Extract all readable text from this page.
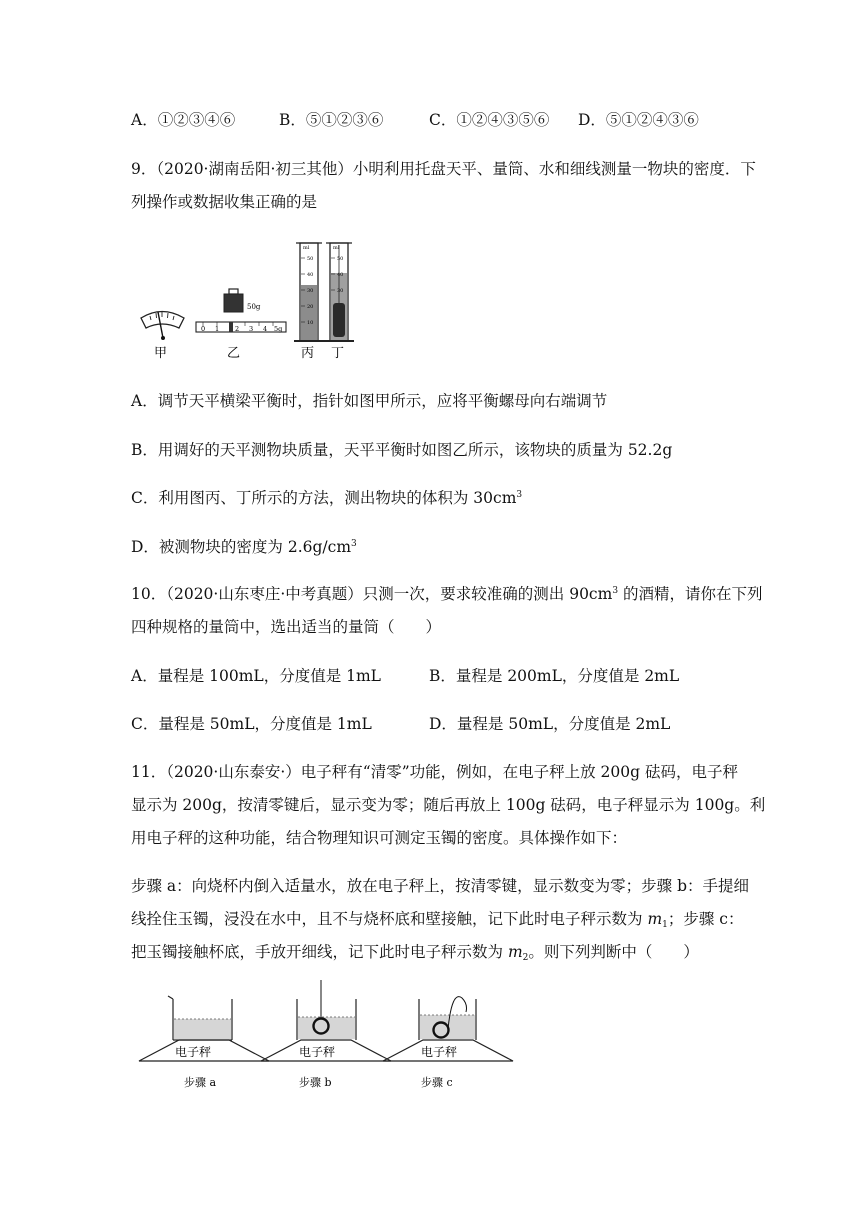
A．①②③④⑥	B．⑤①②③⑥	C．①②④③⑤⑥ D．⑤①②④③⑥
9．（2020·湖南岳阳·初三其他）小明利用托盘天平、量筒、水和细线测量一物块的密度．下
列操作或数据收集正确的是
甲
50g
0 1 2 3 4 5g
乙
ml
50
40
30
20
10
ml
50
40
30
丙 丁
电子秤	电子秤	电子秤
步骤 a	步骤 b	步骤 c
A．调节天平横梁平衡时，指针如图甲所示，应将平衡螺母向右端调节
B．用调好的天平测物块质量，天平平衡时如图乙所示，该物块的质量为 52.2g
C．利用图丙、丁所示的方法，测出物块的体积为 $30cm^3$
D．被测物块的密度为 $2.6g/cm^3$
10．（2020·山东枣庄·中考真题）只测一次，要求较准确的测出 $90cm^3$ 的酒精，请你在下列
四种规格的量筒中，选出适当的量筒（　　）
A．量程是 100mL，分度值是 1mL	B．量程是 200mL，分度值是 2mL
C．量程是 50mL，分度值是 1mL	D．量程是 50mL，分度值是 2mL
11．（2020·山东泰安·）电子秤有“清零”功能，例如，在电子秤上放 200g 砝码，电子秤
显示为 200g，按清零键后，显示变为零；随后再放上 100g 砝码，电子秤显示为 100g。利
用电子秤的这种功能，结合物理知识可测定玉镯的密度。具体操作如下：
步骤 a：向烧杯内倒入适量水，放在电子秤上，按清零键，显示数变为零；步骤 b：手提细
线拴住玉镯，浸没在水中，且不与烧杯底和壁接触，记下此时电子秤示数为 $m_1$；步骤 c：
把玉镯接触杯底，手放开细线，记下此时电子秤示数为 $m_2$。则下列判断中（　　）
